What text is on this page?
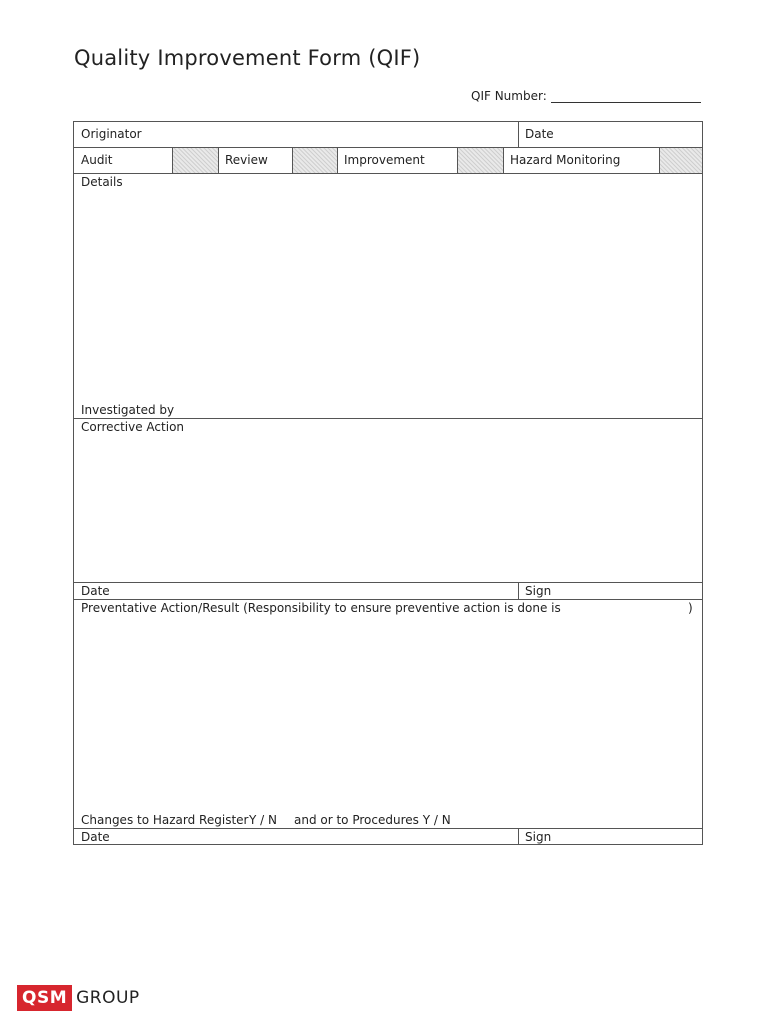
Quality Improvement Form (QIF)
QIF Number:
Originator	Date
Audit	Review	Improvement	Hazard Monitoring
Details
Investigated by
Corrective Action
Date	Sign
Preventative Action/Result (Responsibility to ensure preventive action is done is	)
Changes to Hazard Register Y / N and or to Procedures Y / N
Date	Sign
QSM GROUP
